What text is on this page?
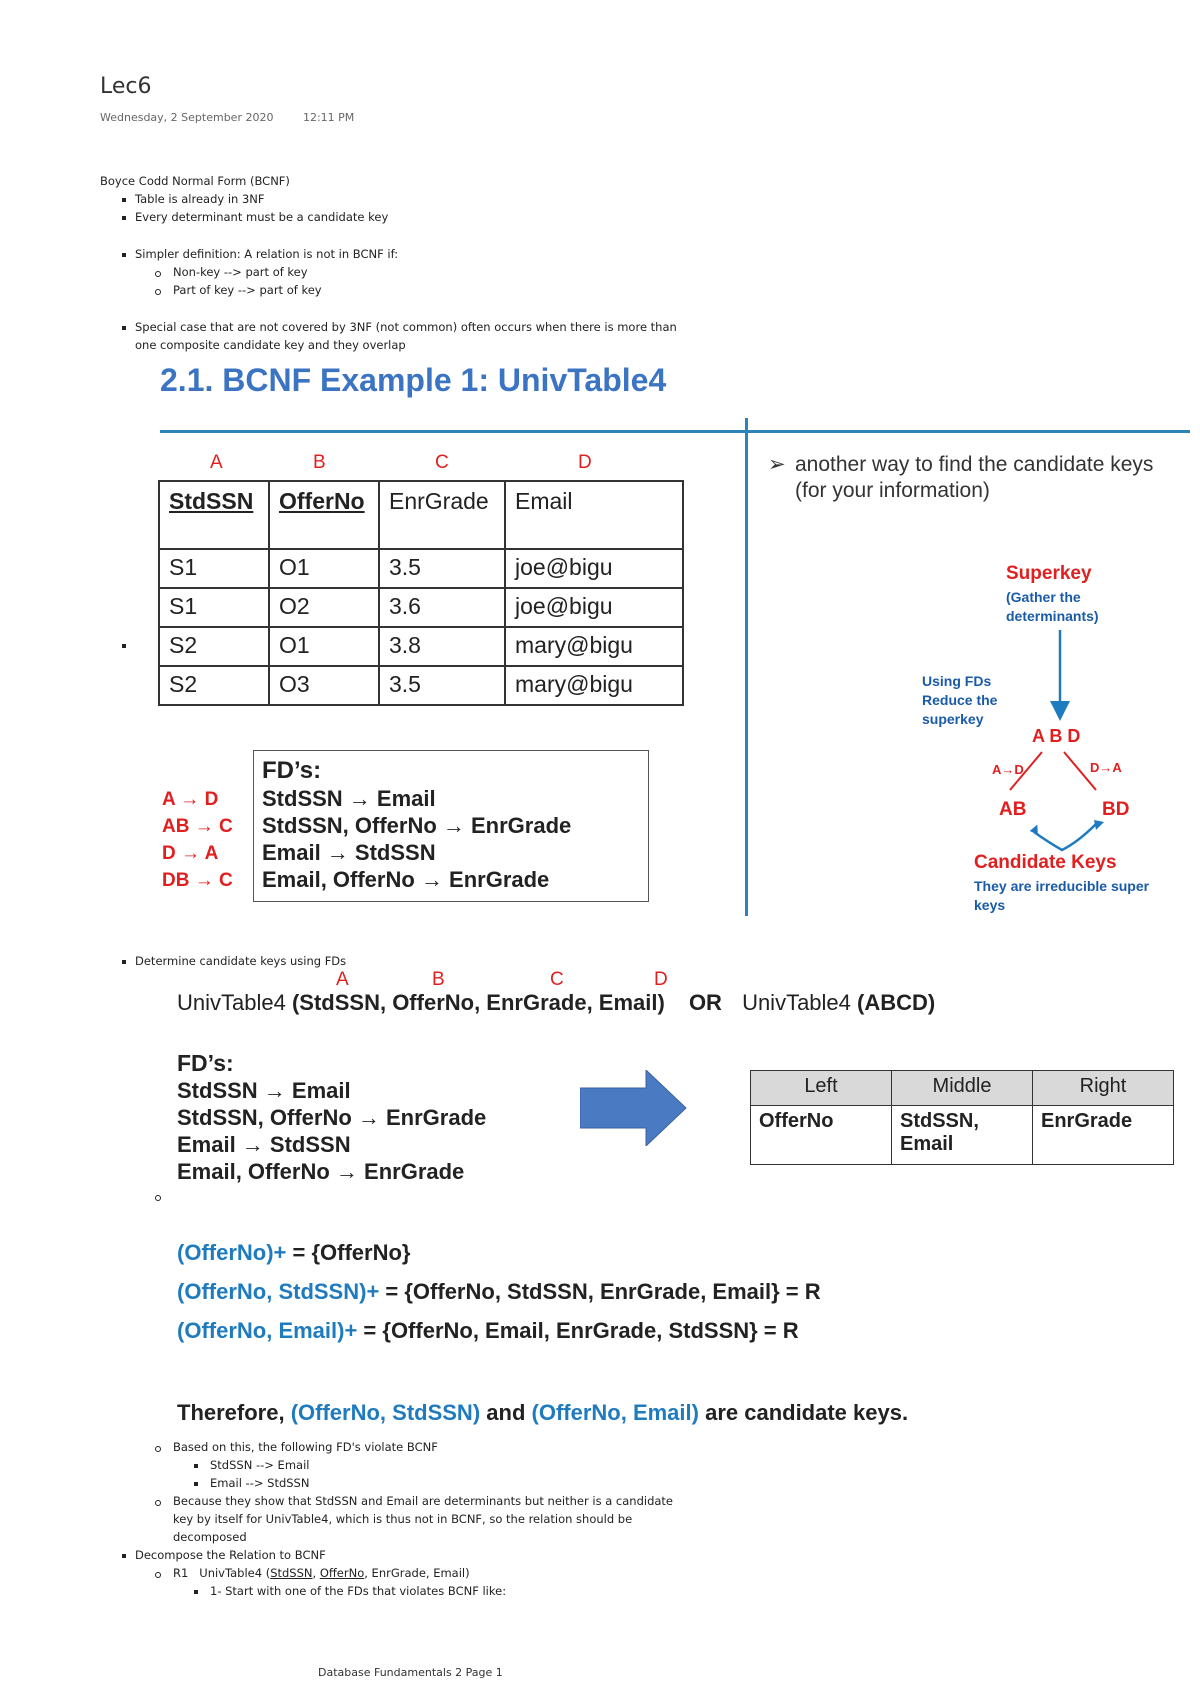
Lec6
Wednesday, 2 September 2020	12:11 PM
Boyce Codd Normal Form (BCNF)
Table is already in 3NF
Every determinant must be a candidate key
Simpler definition: A relation is not in BCNF if:
Non-key --> part of key
Part of key --> part of key
Special case that are not covered by 3NF (not common) often occurs when there is more than
one composite candidate key and they overlap
2.1. BCNF Example 1: UnivTable4
A	B	C	D
StdSSN	OfferNo	EnrGrade	Email
S1	O1	3.5	joe@bigu
S1	O2	3.6	joe@bigu
S2	O1	3.8	mary@bigu
S2	O3	3.5	mary@bigu
FD’s:
StdSSN → Email
StdSSN, OfferNo → EnrGrade
Email → StdSSN
Email, OfferNo → EnrGrade
A → D
AB → C
D → A
DB → C
➢ another way to find the candidate keys (for your information)
Superkey
(Gather the determinants)
Using FDs Reduce the superkey
A B D
A→D	D→A
AB	BD
Candidate Keys
They are irreducible super keys
Determine candidate keys using FDs
A	B	C	D
UnivTable4 (StdSSN, OfferNo, EnrGrade, Email) OR UnivTable4 (ABCD)
FD’s:
StdSSN → Email
StdSSN, OfferNo → EnrGrade
Email → StdSSN
Email, OfferNo → EnrGrade
Left	Middle	Right
OfferNo	StdSSN, Email	EnrGrade
(OfferNo)+ = {OfferNo}
(OfferNo, StdSSN)+ = {OfferNo, StdSSN, EnrGrade, Email} = R
(OfferNo, Email)+ = {OfferNo, Email, EnrGrade, StdSSN} = R
Therefore, (OfferNo, StdSSN) and (OfferNo, Email) are candidate keys.
Based on this, the following FD's violate BCNF
StdSSN --> Email
Email --> StdSSN
Because they show that StdSSN and Email are determinants but neither is a candidate
key by itself for UnivTable4, which is thus not in BCNF, so the relation should be
decomposed
Decompose the Relation to BCNF
R1 UnivTable4 (StdSSN, OfferNo, EnrGrade, Email)
1- Start with one of the FDs that violates BCNF like:
Database Fundamentals 2 Page 1
